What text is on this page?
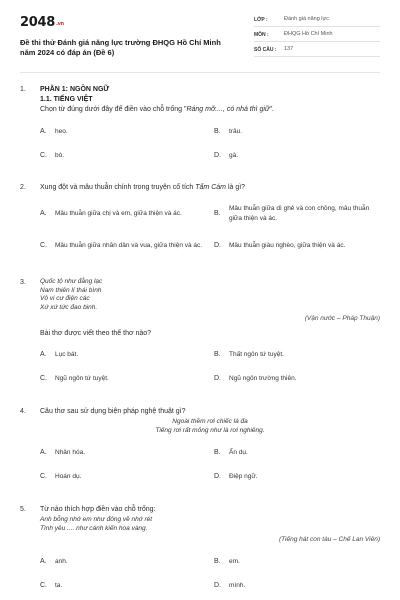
2048.vn
Đề thi thử Đánh giá năng lực trường ĐHQG Hồ Chí Minh năm 2024 có đáp án (Đề 6)
LỚP :	Đánh giá năng lực
MÔN :	ĐHQG Hồ Chí Minh
SỐ CÂU :	137
1. PHẦN 1: NGÔN NGỮ
1.1. TIẾNG VIỆT
Chọn từ đúng dưới đây để điền vào chỗ trống "Ráng mỡ...., có nhà thì giữ".
A.	heo.	B.	trâu.
C.	bò.	D.	gà.
2. Xung đột và mâu thuẫn chính trong truyện cổ tích Tấm Cám là gì?
A.	Mâu thuẫn giữa chị và em, giữa thiện và ác.	B.
Mâu thuẫn giữa dì ghẻ và con chồng, mâu thuẫn giữa thiện và ác.
C.	Mâu thuẫn giữa nhân dân và vua, giữa thiện và ác. D.	Mâu thuẫn giàu nghèo, giữa thiện và ác.
3. Quốc tộ như đằng lạc
Nam thiên lí thái bình
Vô vi cư điện các
Xứ xứ tức đao binh.
(Vận nước – Pháp Thuận)
Bài thơ được viết theo thể thơ nào?
A.	Lục bát.	B.	Thất ngôn tứ tuyệt.
C.	Ngũ ngôn tứ tuyệt.	D.	Ngũ ngôn trường thiên.
4. Câu thơ sau sử dụng biện pháp nghệ thuật gì?
Ngoài thềm rơi chiếc lá đa
Tiếng rơi rất mỏng như là rơi nghiêng.
A.	Nhân hóa.	B.	Ẩn dụ.
C.	Hoán dụ.	D.	Điệp ngữ.
5. Từ nào thích hợp điền vào chỗ trống:
Anh bỗng nhớ em như đông về nhớ rét
Tình yêu .... như cánh kiến hoa vàng.
(Tiếng hát con tàu – Chế Lan Viên)
A.	anh.	B.	em.
C.	ta.	D.	mình.
